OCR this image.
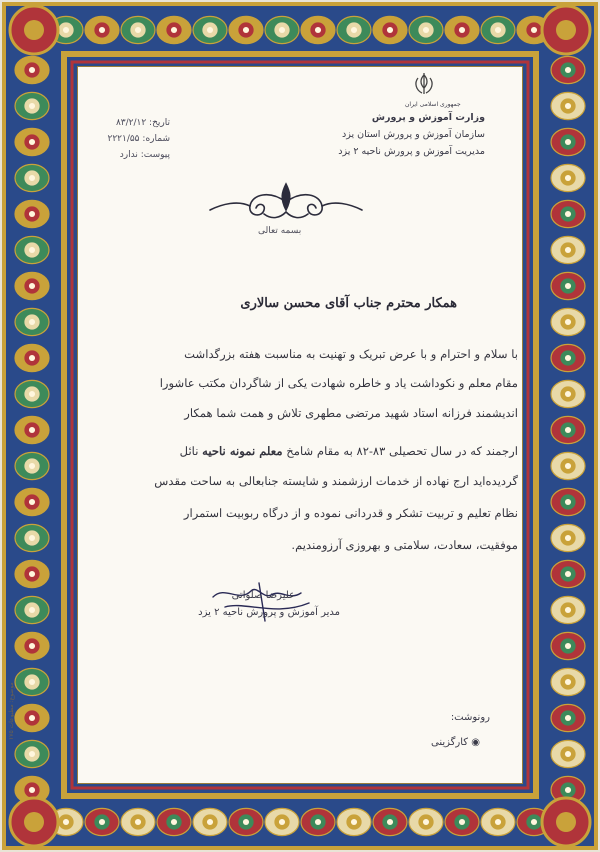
جمهوری اسلامی ایران
وزارت آموزش و پرورش
سازمان آموزش و پرورش استان یزد
مدیریت آموزش و پرورش ناحیه ۲ یزد
تاریخ: ۸۳/۲/۱۲
شماره: ۲۲۲۱/۵۵
پیوست: ندارد
بسمه تعالی
همکار محترم جناب آقای محسن سالاری
با سلام و احترام و با عرض تبریک و تهنیت به مناسبت هفته بزرگداشت
مقام معلم و نکوداشت یاد و خاطره شهادت یکی از شاگردان مکتب عاشورا
اندیشمند فرزانه استاد شهید مرتضی مطهری تلاش و همت شما همکار
ارجمند که در سال تحصیلی ۸۳-۸۲ به مقام شامخ معلم نمونه ناحیه نائل
گردیده‌اید ارج نهاده از خدمات ارزشمند و شایسته جنابعالی به ساحت مقدس
نظام تعلیم و تربیت تشکر و قدردانی نموده و از درگاه ربوبیت استمرار
موفقیت، سعادت، سلامتی و بهروزی آرزومندیم.
علیرضا صلواتی
مدیر آموزش و پرورش ناحیه ۲ یزد
رونوشت:
◉ کارگزینی
موضوع: مطبوعات ۱۷۵
